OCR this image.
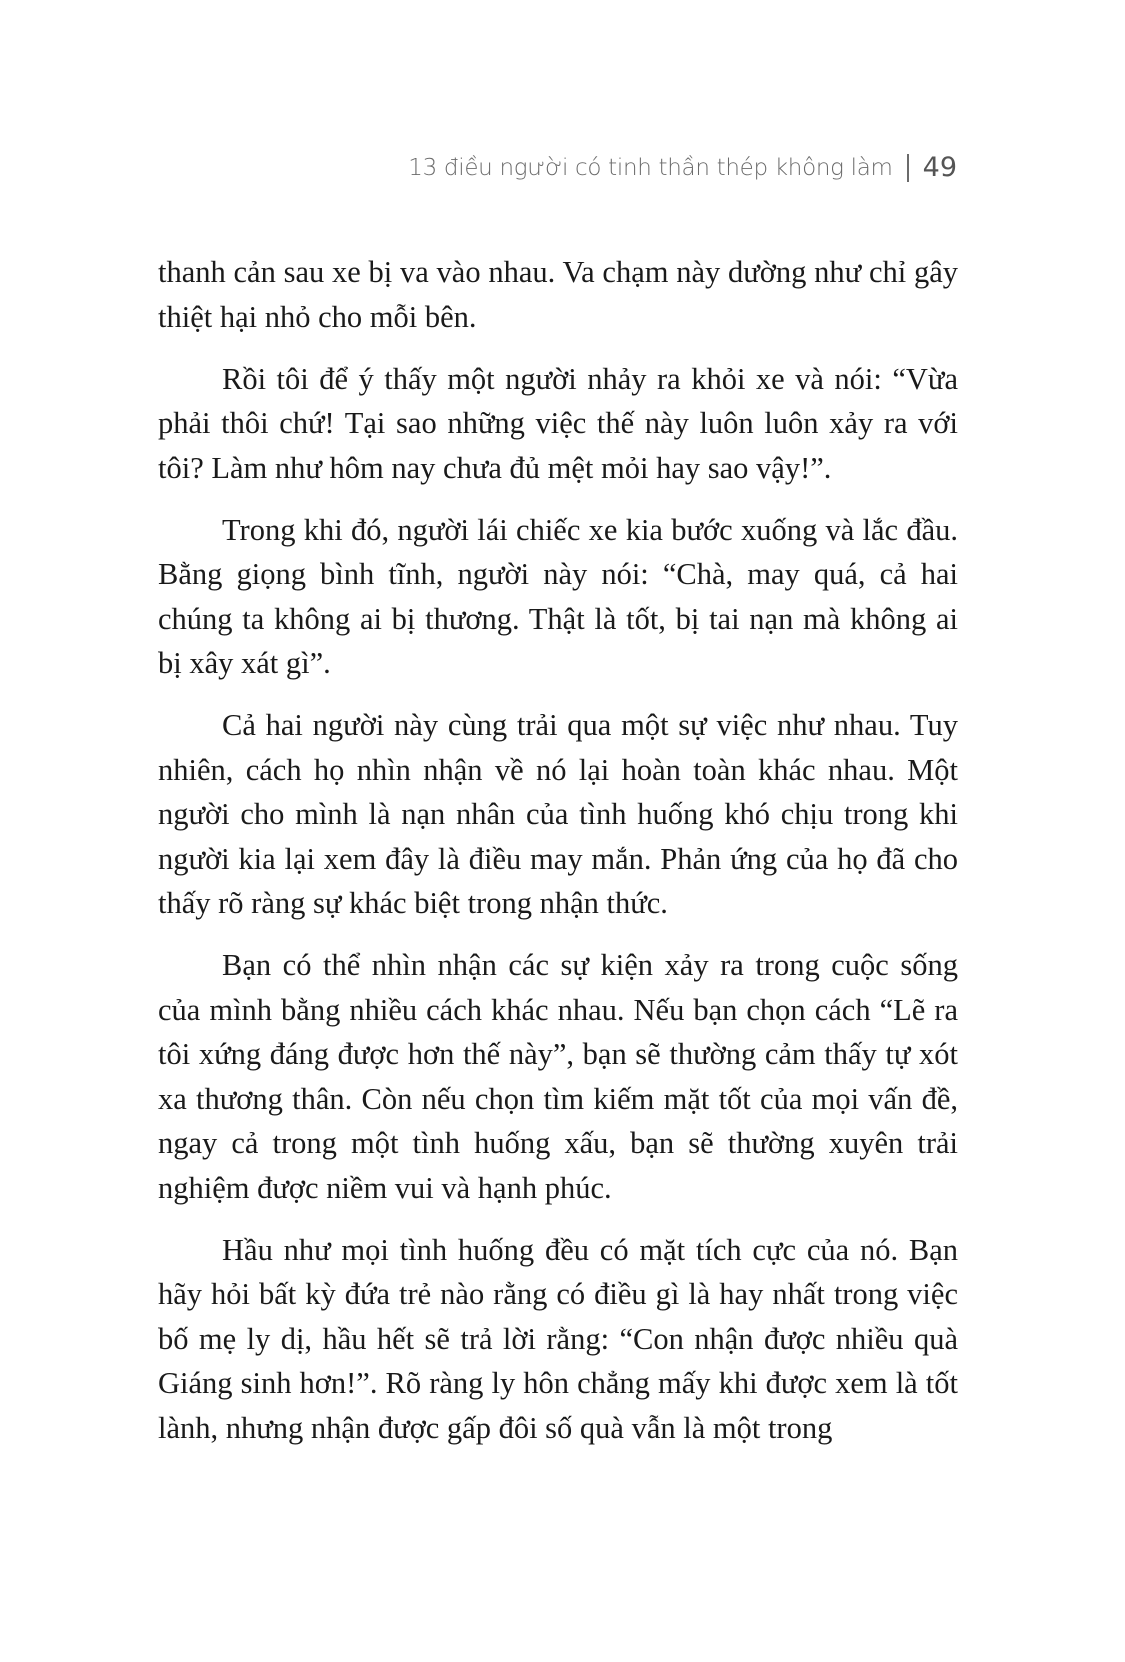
13 điều người có tinh thần thép không làm 49

thanh cản sau xe bị va vào nhau. Va chạm này dường như chỉ gây thiệt hại nhỏ cho mỗi bên.

Rồi tôi để ý thấy một người nhảy ra khỏi xe và nói: “Vừa phải thôi chứ! Tại sao những việc thế này luôn luôn xảy ra với tôi? Làm như hôm nay chưa đủ mệt mỏi hay sao vậy!”.

Trong khi đó, người lái chiếc xe kia bước xuống và lắc đầu. Bằng giọng bình tĩnh, người này nói: “Chà, may quá, cả hai chúng ta không ai bị thương. Thật là tốt, bị tai nạn mà không ai bị xây xát gì”.

Cả hai người này cùng trải qua một sự việc như nhau. Tuy nhiên, cách họ nhìn nhận về nó lại hoàn toàn khác nhau. Một người cho mình là nạn nhân của tình huống khó chịu trong khi người kia lại xem đây là điều may mắn. Phản ứng của họ đã cho thấy rõ ràng sự khác biệt trong nhận thức.

Bạn có thể nhìn nhận các sự kiện xảy ra trong cuộc sống của mình bằng nhiều cách khác nhau. Nếu bạn chọn cách “Lẽ ra tôi xứng đáng được hơn thế này”, bạn sẽ thường cảm thấy tự xót xa thương thân. Còn nếu chọn tìm kiếm mặt tốt của mọi vấn đề, ngay cả trong một tình huống xấu, bạn sẽ thường xuyên trải nghiệm được niềm vui và hạnh phúc.

Hầu như mọi tình huống đều có mặt tích cực của nó. Bạn hãy hỏi bất kỳ đứa trẻ nào rằng có điều gì là hay nhất trong việc bố mẹ ly dị, hầu hết sẽ trả lời rằng: “Con nhận được nhiều quà Giáng sinh hơn!”. Rõ ràng ly hôn chẳng mấy khi được xem là tốt lành, nhưng nhận được gấp đôi số quà vẫn là một trong
